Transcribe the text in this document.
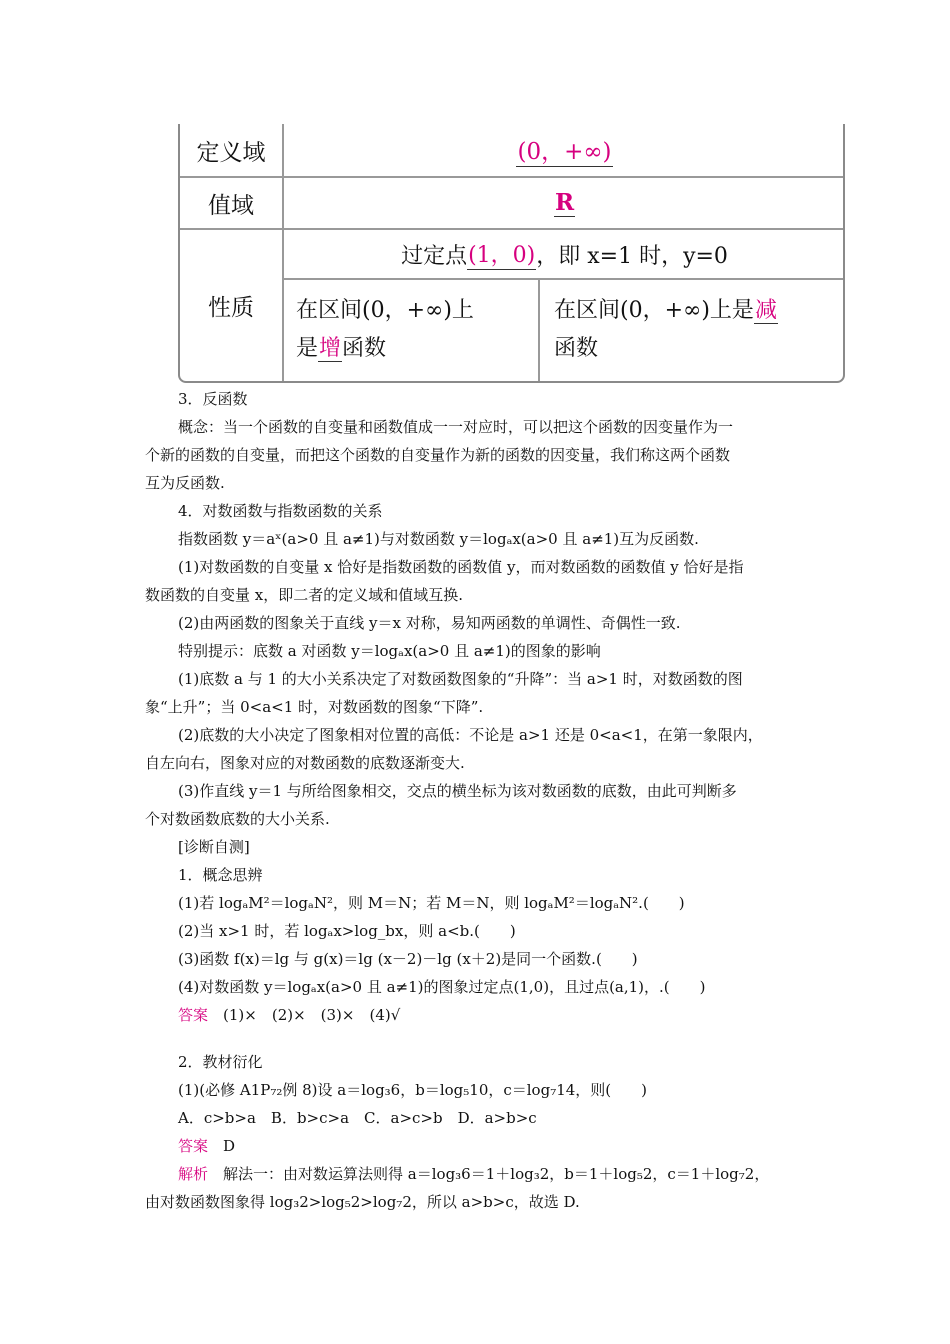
定义域	(0，+∞)
值域	R
性质
过定点 (1，0) ，即 x=1 时，y=0
在区间(0，+∞)上
是增函数
在区间(0，+∞)上是减
函数
3．反函数
概念：当一个函数的自变量和函数值成一一对应时，可以把这个函数的因变量作为一
个新的函数的自变量，而把这个函数的自变量作为新的函数的因变量，我们称这两个函数
互为反函数.
4．对数函数与指数函数的关系
指数函数 y＝aˣ(a>0 且 a≠1)与对数函数 y＝logₐx(a>0 且 a≠1)互为反函数.
(1)对数函数的自变量 x 恰好是指数函数的函数值 y，而对数函数的函数值 y 恰好是指
数函数的自变量 x，即二者的定义域和值域互换.
(2)由两函数的图象关于直线 y＝x 对称，易知两函数的单调性、奇偶性一致.
特别提示：底数 a 对函数 y＝logₐx(a>0 且 a≠1)的图象的影响
(1)底数 a 与 1 的大小关系决定了对数函数图象的“升降”：当 a>1 时，对数函数的图
象“上升”；当 0<a<1 时，对数函数的图象“下降”.
(2)底数的大小决定了图象相对位置的高低：不论是 a>1 还是 0<a<1，在第一象限内，
自左向右，图象对应的对数函数的底数逐渐变大.
(3)作直线 y＝1 与所给图象相交，交点的横坐标为该对数函数的底数，由此可判断多
个对数函数底数的大小关系.
[诊断自测]
1．概念思辨
(1)若 logₐM²＝logₐN²，则 M＝N；若 M＝N，则 logₐM²＝logₐN².(　　)
(2)当 x>1 时，若 logₐx>log_bx，则 a<b.(　　)
(3)函数 f(x)＝lg 与 g(x)＝lg (x－2)－lg (x＋2)是同一个函数.(　　)
(4)对数函数 y＝logₐx(a>0 且 a≠1)的图象过定点(1,0)，且过点(a,1)，.(　　)
答案　 (1)×　(2)×　(3)×　(4)√
2．教材衍化
(1)(必修 A1P₇₂例 8)设 a＝log₃6，b＝log₅10，c＝log₇14，则(　　)
A．c>b>a　B．b>c>a　C．a>c>b　D．a>b>c
答案　 D
解析　 解法一：由对数运算法则得 a＝log₃6＝1＋log₃2，b＝1＋log₅2，c＝1＋log₇2，
由对数函数图象得 log₃2>log₅2>log₇2，所以 a>b>c，故选 D.
